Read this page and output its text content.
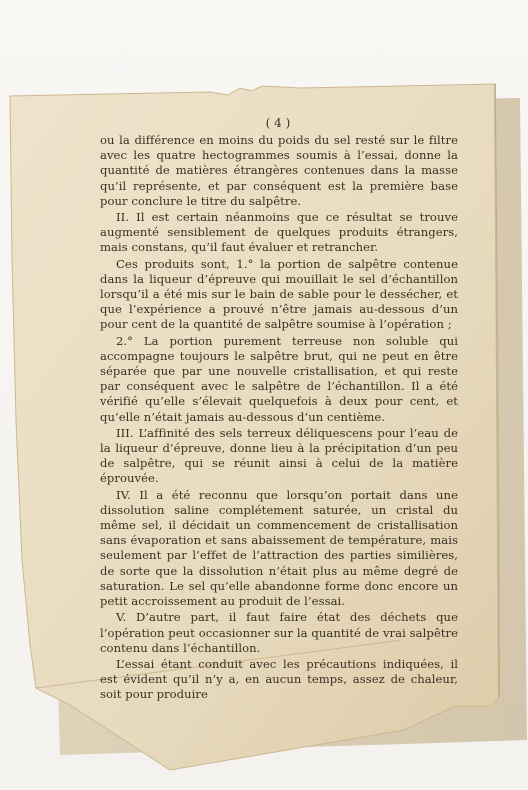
( 4 )

ou la différence en moins du poids du sel resté sur le filtre avec les quatre hectogrammes soumis à l’essai, donne la quantité de matières étrangères contenues dans la masse qu’il représente, et par conséquent est la première base pour conclure le titre du salpêtre.

II. Il est certain néanmoins que ce résultat se trouve augmenté sensiblement de quelques produits étrangers, mais constans, qu’il faut évaluer et retrancher.

Ces produits sont, 1.° la portion de salpêtre contenue dans la liqueur d’épreuve qui mouillait le sel d’échantillon lorsqu’il a été mis sur le bain de sable pour le dessécher, et que l’expérience a prouvé n’être jamais au-dessous d’un pour cent de la quantité de salpêtre soumise à l’opération ;

2.° La portion purement terreuse non soluble qui accompagne toujours le salpêtre brut, qui ne peut en être séparée que par une nouvelle cristallisation, et qui reste par conséquent avec le salpêtre de l’échantillon. Il a été vérifié qu’elle s’élevait quelquefois à deux pour cent, et qu’elle n’était jamais au-dessous d’un centième.

III. L’affinité des sels terreux déliquescens pour l’eau de la liqueur d’épreuve, donne lieu à la précipitation d’un peu de salpêtre, qui se réunit ainsi à celui de la matière éprouvée.

IV. Il a été reconnu que lorsqu’on portait dans une dissolution saline complétement saturée, un cristal du même sel, il décidait un commencement de cristallisation sans évaporation et sans abaissement de température, mais seulement par l’effet de l’attraction des parties similières, de sorte que la dissolution n’était plus au même degré de saturation. Le sel qu’elle abandonne forme donc encore un petit accroissement au produit de l’essai.

V. D’autre part, il faut faire état des déchets que l’opération peut occasionner sur la quantité de vrai salpêtre contenu dans l’échantillon.

L’essai étant conduit avec les précautions indiquées, il est évident qu’il n’y a, en aucun temps, assez de chaleur, soit pour produire
